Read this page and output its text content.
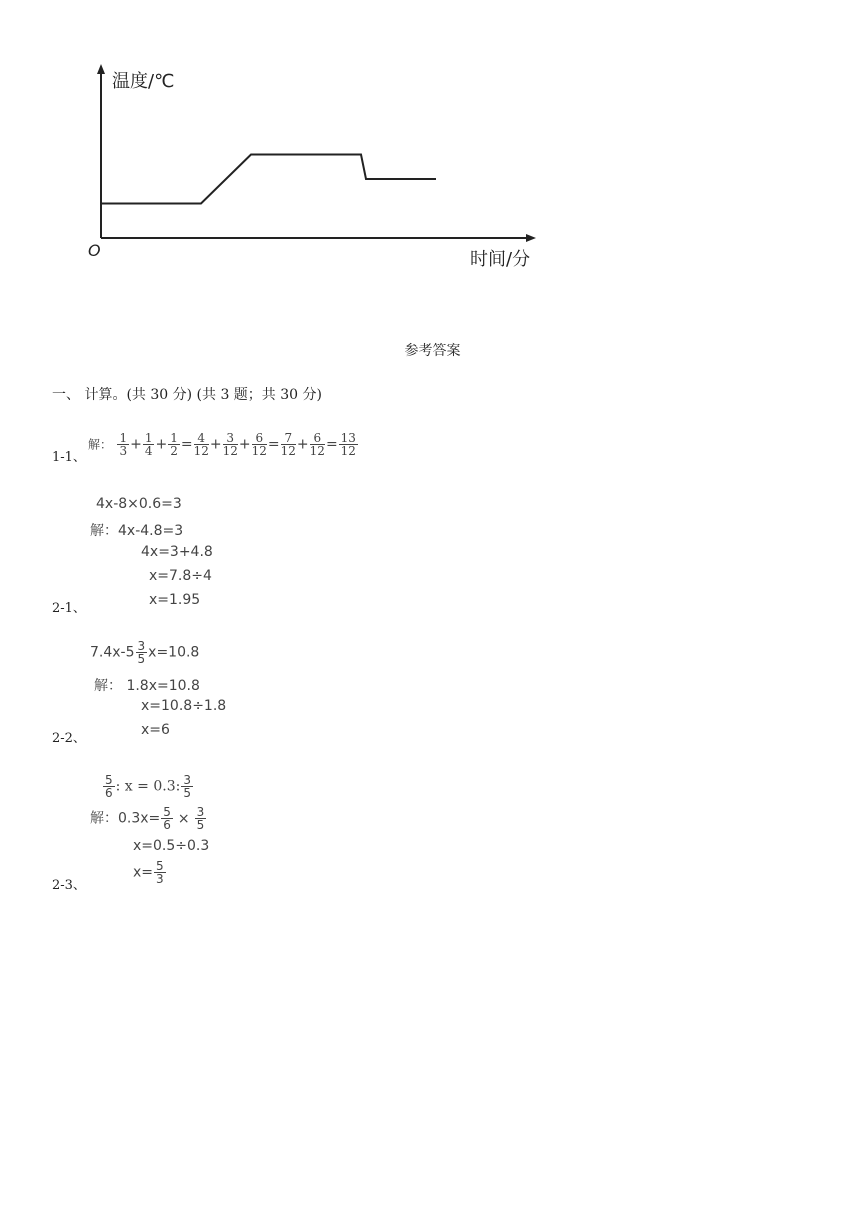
温度/℃
O	时间/分
参考答案
一、 计算。(共 30 分) (共 3 题；共 30 分)
1-1、
解： $\frac{1}{3} + \frac{1}{4} + \frac{1}{2} = \frac{4}{12} + \frac{3}{12} + \frac{6}{12} = \frac{7}{12} + \frac{6}{12} = \frac{13}{12}$
4x-8×0.6=3
解：4x-4.8=3
4x=3+4.8
x=7.8÷4
x=1.95
2-1、
$7.4x-5 \frac{3}{5} x=10.8$
解： 1.8x=10.8
x=10.8÷1.8
x=6
2-2、
$\frac{5}{6}$ : x = 0.3: $\frac{3}{5}$
解：$0.3x= \frac{5}{6} \times \frac{3}{5}$
x=0.5÷0.3
$x= \frac{5}{3}$
2-3、
